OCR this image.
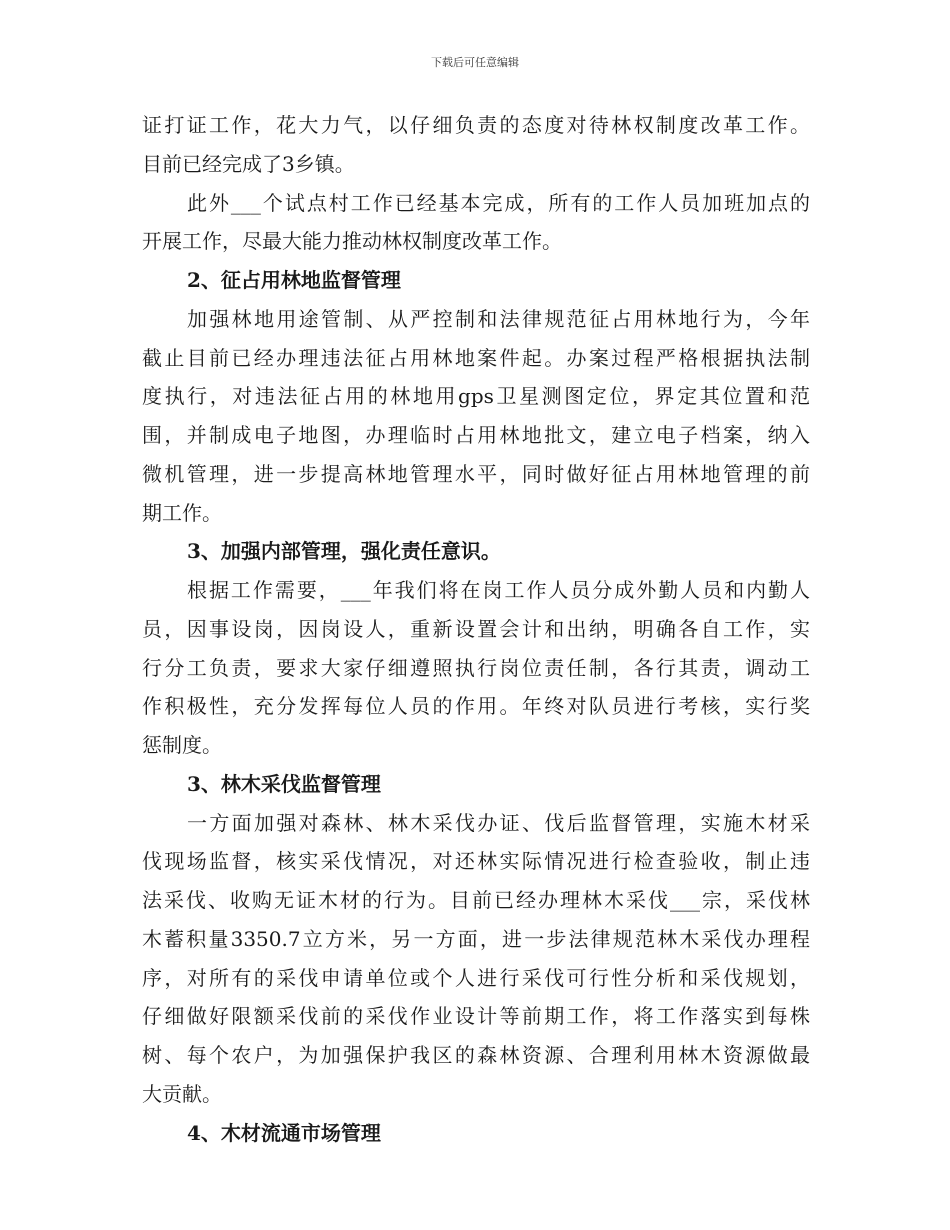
下载后可任意编辑
证打证工作，花大力气，以仔细负责的态度对待林权制度改革工作。
目前已经完成了3乡镇。
此外___个试点村工作已经基本完成，所有的工作人员加班加点的
开展工作，尽最大能力推动林权制度改革工作。
2、征占用林地监督管理
加强林地用途管制、从严控制和法律规范征占用林地行为，今年
截止目前已经办理违法征占用林地案件起。办案过程严格根据执法制
度执行，对违法征占用的林地用gps卫星测图定位，界定其位置和范
围，并制成电子地图，办理临时占用林地批文，建立电子档案，纳入
微机管理，进一步提高林地管理水平，同时做好征占用林地管理的前
期工作。
3、加强内部管理，强化责任意识。
根据工作需要，___年我们将在岗工作人员分成外勤人员和内勤人
员，因事设岗，因岗设人，重新设置会计和出纳，明确各自工作，实
行分工负责，要求大家仔细遵照执行岗位责任制，各行其责，调动工
作积极性，充分发挥每位人员的作用。年终对队员进行考核，实行奖
惩制度。
3、林木采伐监督管理
一方面加强对森林、林木采伐办证、伐后监督管理，实施木材采
伐现场监督，核实采伐情况，对还林实际情况进行检查验收，制止违
法采伐、收购无证木材的行为。目前已经办理林木采伐___宗，采伐林
木蓄积量3350.7立方米，另一方面，进一步法律规范林木采伐办理程
序，对所有的采伐申请单位或个人进行采伐可行性分析和采伐规划，
仔细做好限额采伐前的采伐作业设计等前期工作，将工作落实到每株
树、每个农户，为加强保护我区的森林资源、合理利用林木资源做最
大贡献。
4、木材流通市场管理
